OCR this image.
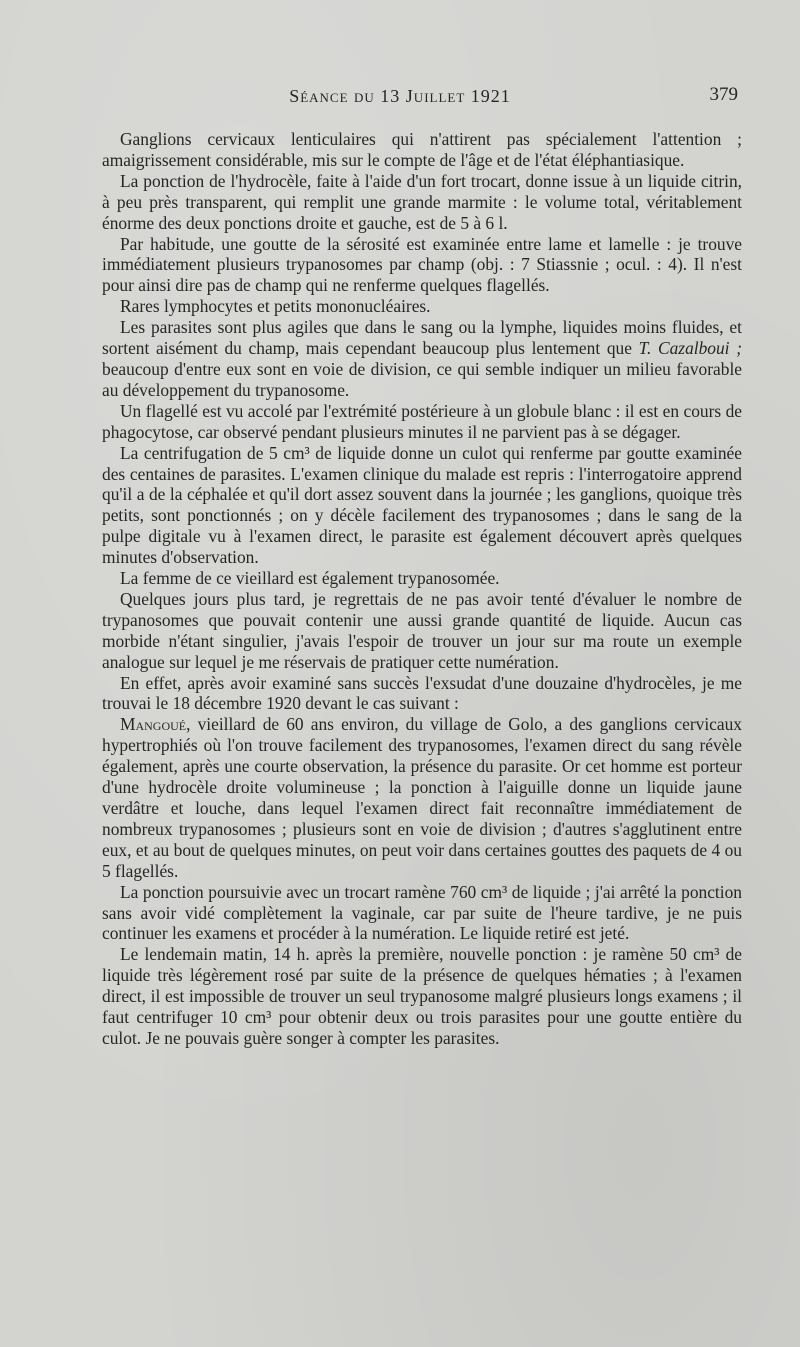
Séance du 13 Juillet 1921	379

Ganglions cervicaux lenticulaires qui n'attirent pas spécialement l'attention ; amaigrissement considérable, mis sur le compte de l'âge et de l'état éléphantiasique.

La ponction de l'hydrocèle, faite à l'aide d'un fort trocart, donne issue à un liquide citrin, à peu près transparent, qui remplit une grande marmite : le volume total, véritablement énorme des deux ponctions droite et gauche, est de 5 à 6 l.

Par habitude, une goutte de la sérosité est examinée entre lame et lamelle : je trouve immédiatement plusieurs trypanosomes par champ (obj. : 7 Stiassnie ; ocul. : 4). Il n'est pour ainsi dire pas de champ qui ne renferme quelques flagellés.

Rares lymphocytes et petits mononucléaires.

Les parasites sont plus agiles que dans le sang ou la lymphe, liquides moins fluides, et sortent aisément du champ, mais cependant beaucoup plus lentement que T. Cazalboui ; beaucoup d'entre eux sont en voie de division, ce qui semble indiquer un milieu favorable au développement du trypanosome.

Un flagellé est vu accolé par l'extrémité postérieure à un globule blanc : il est en cours de phagocytose, car observé pendant plusieurs minutes il ne parvient pas à se dégager.

La centrifugation de 5 cm³ de liquide donne un culot qui renferme par goutte examinée des centaines de parasites. L'examen clinique du malade est repris : l'interrogatoire apprend qu'il a de la céphalée et qu'il dort assez souvent dans la journée ; les ganglions, quoique très petits, sont ponctionnés ; on y décèle facilement des trypanosomes ; dans le sang de la pulpe digitale vu à l'examen direct, le parasite est également découvert après quelques minutes d'observation.

La femme de ce vieillard est également trypanosomée.

Quelques jours plus tard, je regrettais de ne pas avoir tenté d'évaluer le nombre de trypanosomes que pouvait contenir une aussi grande quantité de liquide. Aucun cas morbide n'étant singulier, j'avais l'espoir de trouver un jour sur ma route un exemple analogue sur lequel je me réservais de pratiquer cette numération.

En effet, après avoir examiné sans succès l'exsudat d'une douzaine d'hydrocèles, je me trouvai le 18 décembre 1920 devant le cas suivant :

Mangoué, vieillard de 60 ans environ, du village de Golo, a des ganglions cervicaux hypertrophiés où l'on trouve facilement des trypanosomes, l'examen direct du sang révèle également, après une courte observation, la présence du parasite. Or cet homme est porteur d'une hydrocèle droite volumineuse ; la ponction à l'aiguille donne un liquide jaune verdâtre et louche, dans lequel l'examen direct fait reconnaître immédiatement de nombreux trypanosomes ; plusieurs sont en voie de division ; d'autres s'agglutinent entre eux, et au bout de quelques minutes, on peut voir dans certaines gouttes des paquets de 4 ou 5 flagellés.

La ponction poursuivie avec un trocart ramène 760 cm³ de liquide ; j'ai arrêté la ponction sans avoir vidé complètement la vaginale, car par suite de l'heure tardive, je ne puis continuer les examens et procéder à la numération. Le liquide retiré est jeté.

Le lendemain matin, 14 h. après la première, nouvelle ponction : je ramène 50 cm³ de liquide très légèrement rosé par suite de la présence de quelques hématies ; à l'examen direct, il est impossible de trouver un seul trypanosome malgré plusieurs longs examens ; il faut centrifuger 10 cm³ pour obtenir deux ou trois parasites pour une goutte entière du culot. Je ne pouvais guère songer à compter les parasites.
